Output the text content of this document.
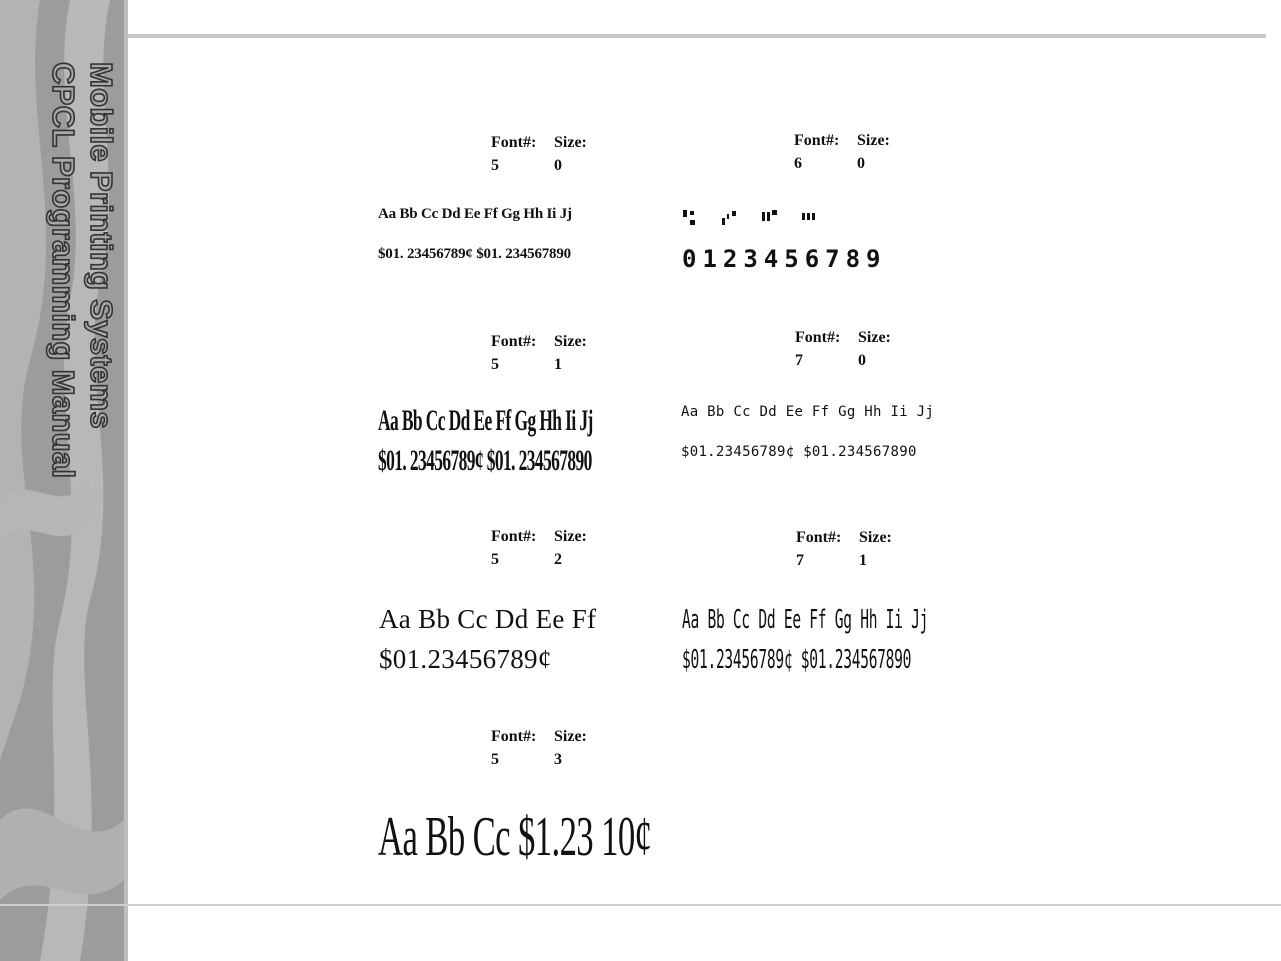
Mobile Printing Systems
CPCL Programming Manual	Font#:	Size:
5	0
Aa Bb Cc Dd Ee Ff Gg Hh Ii Jj
$01. 23456789¢ $01. 234567890
Font#:	Size:
5	1
Aa Bb Cc Dd Ee Ff Gg Hh Ii Jj
$01. 23456789¢ $01. 234567890
Font#:	Size:
5	2
Aa Bb Cc Dd Ee Ff
$01.23456789¢
Font#:	Size:
5	3
Aa Bb Cc $1.23 10¢
Font#:	Size:
6	0
0123456789
Font#:	Size:
7	0
Aa Bb Cc Dd Ee Ff Gg Hh Ii Jj
$01.23456789¢ $01.234567890
Font#:	Size:
7	1
Aa Bb Cc Dd Ee Ff Gg Hh Ii Jj
$01.23456789¢ $01.234567890
